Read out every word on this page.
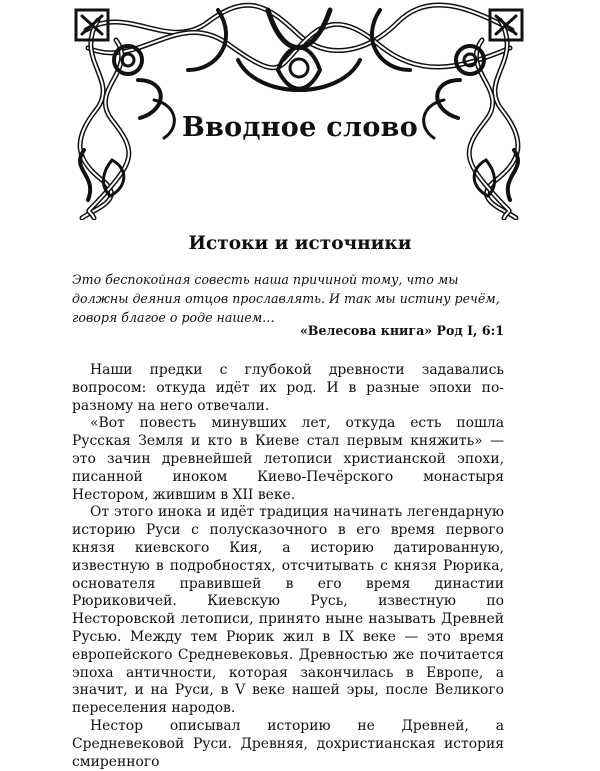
Вводное слово
Истоки и источники
Это беспокойная совесть наша причиной тому, что мы должны деяния отцов прославлять. И так мы истину речём, говоря благое о роде нашем…
«Велесова книга» Род I, 6:1

Наши предки с глубокой древности задавались вопросом: откуда идёт их род. И в разные эпохи по-разному на него отвечали.

«Вот повесть минувших лет, откуда есть пошла Русская Земля и кто в Киеве стал первым княжить» — это зачин древнейшей летописи христианской эпохи, писанной иноком Киево-Печёрского монастыря Нестором, жившим в XII веке.

От этого инока и идёт традиция начинать легендарную историю Руси с полусказочного в его время первого князя киевского Кия, а историю датированную, известную в подробностях, отсчитывать с князя Рюрика, основателя правившей в его время династии Рюриковичей. Киевскую Русь, известную по Несторовской летописи, принято ныне называть Древней Русью. Между тем Рюрик жил в IX веке — это время европейского Средневековья. Древностью же почитается эпоха античности, которая закончилась в Европе, а значит, и на Руси, в V веке нашей эры, после Великого переселения народов.

Нестор описывал историю не Древней, а Средневековой Руси. Древняя, дохристианская история смиренного
